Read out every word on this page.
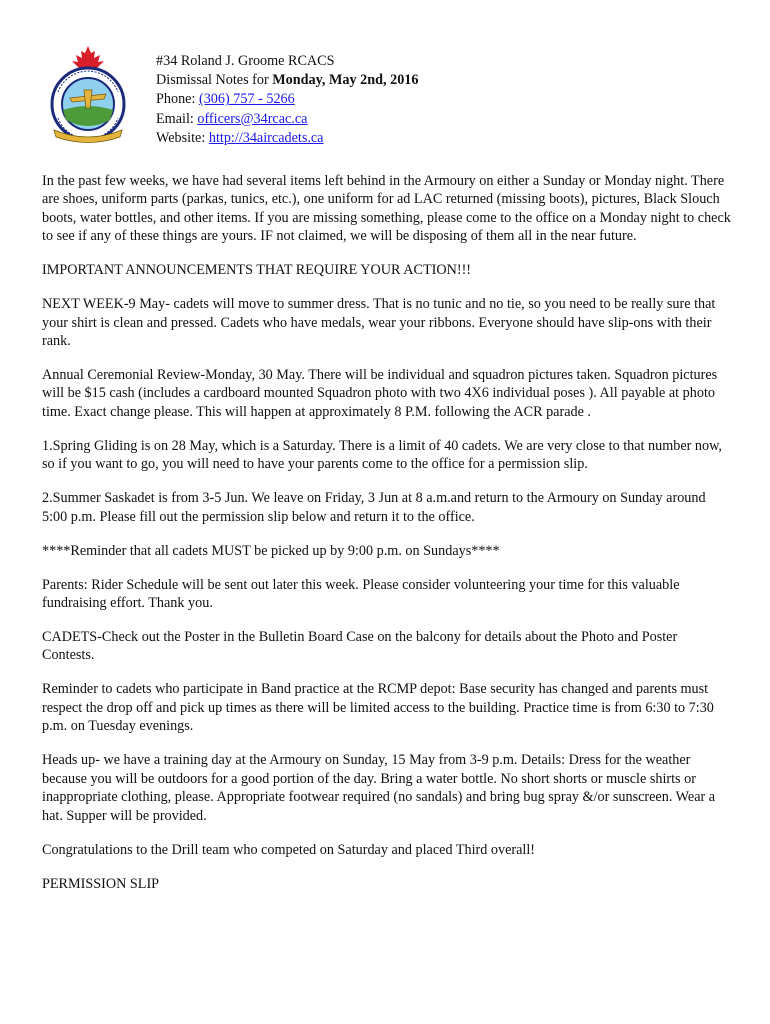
#34 Roland J. Groome RCACS
Dismissal Notes for Monday, May 2nd, 2016
Phone: (306) 757 - 5266
Email: officers@34rcac.ca
Website: http://34aircadets.ca

In the past few weeks, we have had several items left behind in the Armoury on either a Sunday or Monday night. There are shoes, uniform parts (parkas, tunics, etc.), one uniform for ad LAC returned (missing boots), pictures, Black Slouch boots, water bottles, and other items. If you are missing something, please come to the office on a Monday night to check to see if any of these things are yours. IF not claimed, we will be disposing of them all in the near future.

IMPORTANT ANNOUNCEMENTS THAT REQUIRE YOUR ACTION!!!

NEXT WEEK-9 May- cadets will move to summer dress. That is no tunic and no tie, so you need to be really sure that your shirt is clean and pressed. Cadets who have medals, wear your ribbons. Everyone should have slip-ons with their rank.

Annual Ceremonial Review-Monday, 30 May. There will be individual and squadron pictures taken. Squadron pictures will be $15 cash (includes a cardboard mounted Squadron photo with two 4X6 individual poses ). All payable at photo time. Exact change please. This will happen at approximately 8 P.M. following the ACR parade .

1.Spring Gliding is on 28 May, which is a Saturday. There is a limit of 40 cadets. We are very close to that number now, so if you want to go, you will need to have your parents come to the office for a permission slip.

2.Summer Saskadet is from 3-5 Jun. We leave on Friday, 3 Jun at 8 a.m.and return to the Armoury on Sunday around 5:00 p.m. Please fill out the permission slip below and return it to the office.

****Reminder that all cadets MUST be picked up by 9:00 p.m. on Sundays****

Parents: Rider Schedule will be sent out later this week. Please consider volunteering your time for this valuable fundraising effort. Thank you.

CADETS-Check out the Poster in the Bulletin Board Case on the balcony for details about the Photo and Poster Contests.

Reminder to cadets who participate in Band practice at the RCMP depot: Base security has changed and parents must respect the drop off and pick up times as there will be limited access to the building. Practice time is from 6:30 to 7:30 p.m. on Tuesday evenings.

Heads up- we have a training day at the Armoury on Sunday, 15 May from 3-9 p.m. Details: Dress for the weather because you will be outdoors for a good portion of the day. Bring a water bottle. No short shorts or muscle shirts or inappropriate clothing, please. Appropriate footwear required (no sandals) and bring bug spray &/or sunscreen. Wear a hat. Supper will be provided.

Congratulations to the Drill team who competed on Saturday and placed Third overall!

PERMISSION SLIP
